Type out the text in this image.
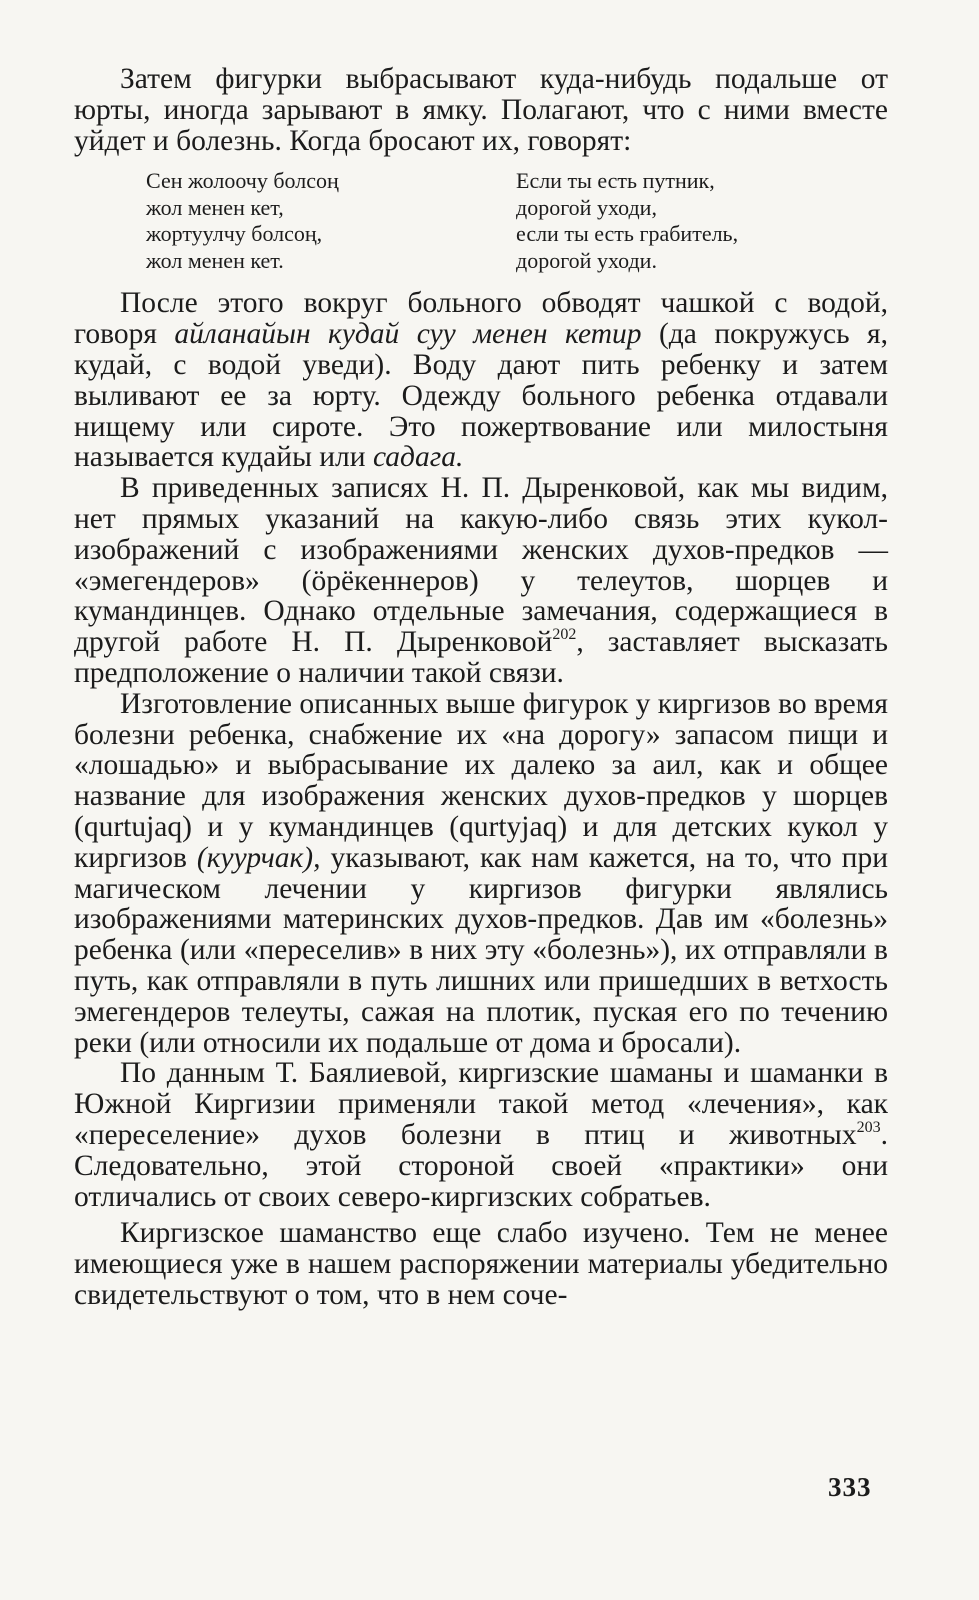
Затем фигурки выбрасывают куда-нибудь подальше от юрты, иногда зарывают в ямку. Полагают, что с ними вместе уйдет и болезнь. Когда бросают их, говорят:

Сен жолоочу болсоң
жол менен кет,
жортуулчу болсоң,
жол менен кет.
Если ты есть путник,
дорогой уходи,
если ты есть грабитель,
дорогой уходи.

После этого вокруг больного обводят чашкой с водой, говоря айланайын кудай суу менен кетир (да покружусь я, кудай, с водой уведи). Воду дают пить ребенку и затем выливают ее за юрту. Одежду больного ребенка отдавали нищему или сироте. Это пожертвование или милостыня называется кудайы или садага.

В приведенных записях Н. П. Дыренковой, как мы видим, нет прямых указаний на какую-либо связь этих кукол-изображений с изображениями женских духов-предков — «эмегендеров» (öрёкеннеров) у телеутов, шорцев и кумандинцев. Однако отдельные замечания, содержащиеся в другой работе Н. П. Дыренковой$^{202}$, заставляет высказать предположение о наличии такой связи.

Изготовление описанных выше фигурок у киргизов во время болезни ребенка, снабжение их «на дорогу» запасом пищи и «лошадью» и выбрасывание их далеко за аил, как и общее название для изображения женских духов-предков у шорцев (qurtujaq) и у кумандинцев (qurtyjaq) и для детских кукол у киргизов (куурчак), указывают, как нам кажется, на то, что при магическом лечении у киргизов фигурки являлись изображениями материнских духов-предков. Дав им «болезнь» ребенка (или «переселив» в них эту «болезнь»), их отправляли в путь, как отправляли в путь лишних или пришедших в ветхость эмегендеров телеуты, сажая на плотик, пуская его по течению реки (или относили их подальше от дома и бросали).

По данным Т. Баялиевой, киргизские шаманы и шаманки в Южной Киргизии применяли такой метод «лечения», как «переселение» духов болезни в птиц и животных$^{203}$. Следовательно, этой стороной своей «практики» они отличались от своих северо-киргизских собратьев.

Киргизское шаманство еще слабо изучено. Тем не менее имеющиеся уже в нашем распоряжении материалы убедительно свидетельствуют о том, что в нем соче-

333
